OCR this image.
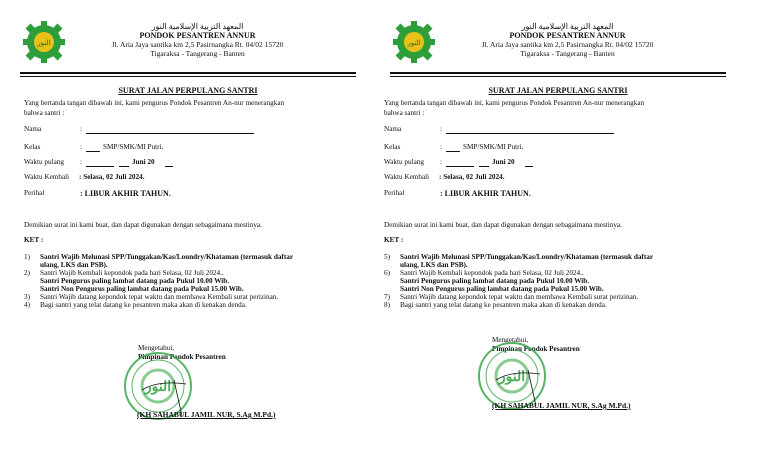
النور
المعهد التربية الإسلامية النور
PONDOK PESANTREN ANNUR
Jl. Aria Jaya santika km 2,5 Pasirnangka Rt. 04/02 15720
Tigaraksa - Tangerang - Banten
SURAT JALAN PERPULANG SANTRI
Yang bertanda tangan dibawah ini, kami pengurus Pondok Pesantren An-nur menerangkan
bahwa santri :
Nama	:
Kelas	:	SMP/SMK/MI Putri.
Waktu pulang :	Juni 20
Waktu Kembali : Selasa, 02 Juli 2024.
Perihal	: LIBUR AKHIR TAHUN.
Demikian surat ini kami buat, dan dapat digunakan dengan sebagaimana mestinya.
KET :
1) Santri Wajib Melunasi SPP/Tunggakan/Kas/Loundry/Khataman (termasuk daftar
ulang, LKS dan PSB).
2) Santri Wajib Kembali kepondok pada hari Selasa, 02 Juli 2024..
Santri Pengurus paling lambat datang pada Pukul 10.00 Wib.
Santri Non Pengurus paling lambat datang pada Pukul 15.00 Wib.
3) Santri Wajib datang kepondok tepat waktu dan membawa Kembali surat perizinan.
4) Bagi santri yang telat datang ke pesantren maka akan di kenakan denda.
Mengetahui,
Pimpinan Pondok Pesantren
النور
(KH SAHABUL JAMIL NUR, S.Ag M.Pd.)
النور
المعهد التربية الإسلامية النور
PONDOK PESANTREN ANNUR
Jl. Aria Jaya santika km 2,5 Pasirnangka Rt. 04/02 15720
Tigaraksa - Tangerang - Banten
SURAT JALAN PERPULANG SANTRI
Yang bertanda tangan dibawah ini, kami pengurus Pondok Pesantren An-nur menerangkan
bahwa santri :
Nama	:
Kelas	:	SMP/SMK/MI Putri.
Waktu pulang :	Juni 20
Waktu Kembali : Selasa, 02 Juli 2024.
Perihal	: LIBUR AKHIR TAHUN.
Demikian surat ini kami buat, dan dapat digunakan dengan sebagaimana mestinya.
KET :
5) Santri Wajib Melunasi SPP/Tunggakan/Kas/Loundry/Khataman (termasuk daftar
ulang, LKS dan PSB).
6) Santri Wajib Kembali kepondok pada hari Selasa, 02 Juli 2024..
Santri Pengurus paling lambat datang pada Pukul 10.00 Wib.
Santri Non Pengurus paling lambat datang pada Pukul 15.00 Wib.
7) Santri Wajib datang kepondok tepat waktu dan membawa Kembali surat perizinan.
8) Bagi santri yang telat datang ke pesantren maka akan di kenakan denda.
Mengetahui,
Pimpinan Pondok Pesantren
النور
(KH SAHABUL JAMIL NUR, S.Ag M.Pd.)
